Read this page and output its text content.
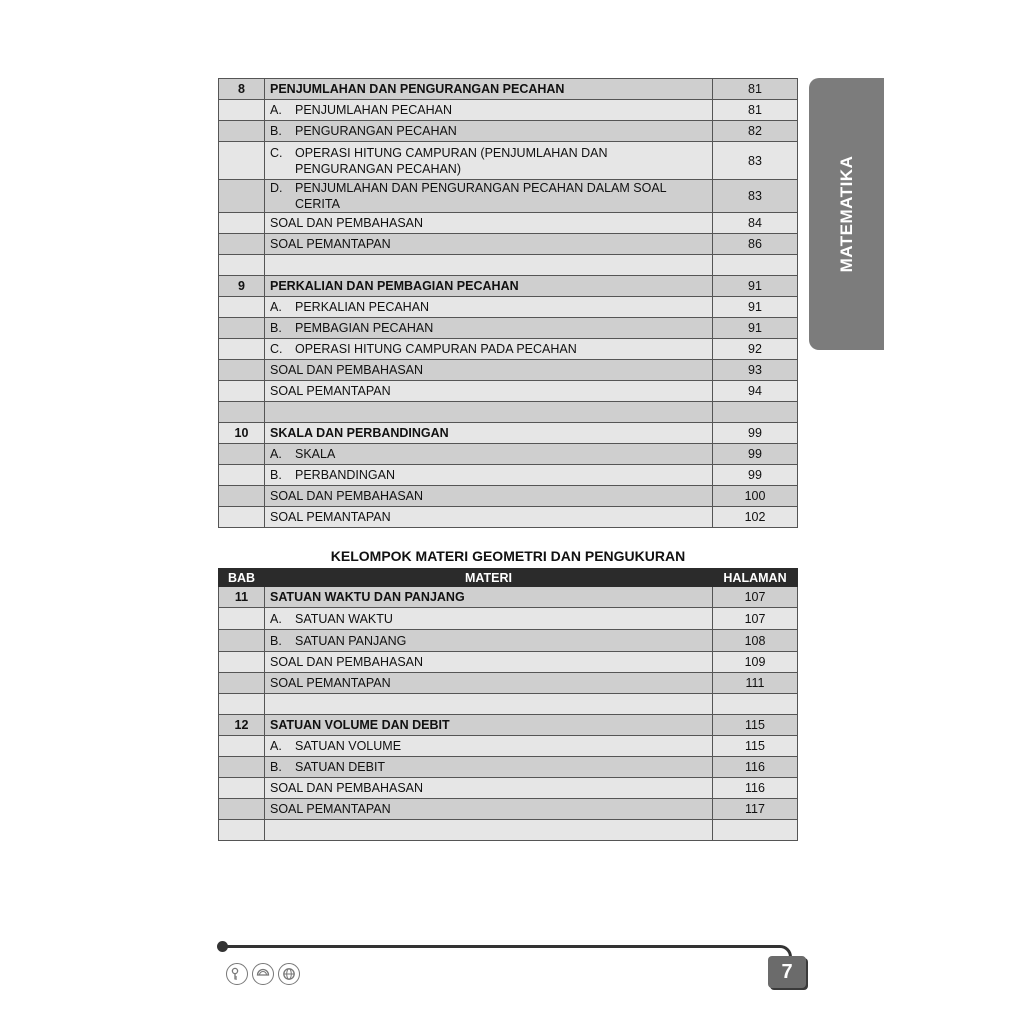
8	PENJUMLAHAN DAN PENGURANGAN PECAHAN	81

	A. PENJUMLAHAN PECAHAN	81

	B. PENGURANGAN PECAHAN	82

	C. OPERASI HITUNG CAMPURAN (PENJUMLAHAN DAN PENGURANGAN PECAHAN)	83

	D. PENJUMLAHAN DAN PENGURANGAN PECAHAN DALAM SOAL CERITA	83
	SOAL DAN PEMBAHASAN	84
	SOAL PEMANTAPAN	86

9	PERKALIAN DAN PEMBAGIAN PECAHAN	91

	A. PERKALIAN PECAHAN	91

	B. PEMBAGIAN PECAHAN	91

	C. OPERASI HITUNG CAMPURAN PADA PECAHAN	92
	SOAL DAN PEMBAHASAN	93
	SOAL PEMANTAPAN	94

10	SKALA DAN PERBANDINGAN	99

	A. SKALA	99

	B. PERBANDINGAN	99
	SOAL DAN PEMBAHASAN	100
	SOAL PEMANTAPAN	102
KELOMPOK MATERI GEOMETRI DAN PENGUKURAN
BAB	MATERI	HALAMAN
11	SATUAN WAKTU DAN PANJANG	107

	A. SATUAN WAKTU	107

	B. SATUAN PANJANG	108
	SOAL DAN PEMBAHASAN	109
	SOAL PEMANTAPAN	111

12	SATUAN VOLUME DAN DEBIT	115

	A. SATUAN VOLUME	115

	B. SATUAN DEBIT	116
	SOAL DAN PEMBAHASAN	116
	SOAL PEMANTAPAN	117

MATEMATIKA
7
